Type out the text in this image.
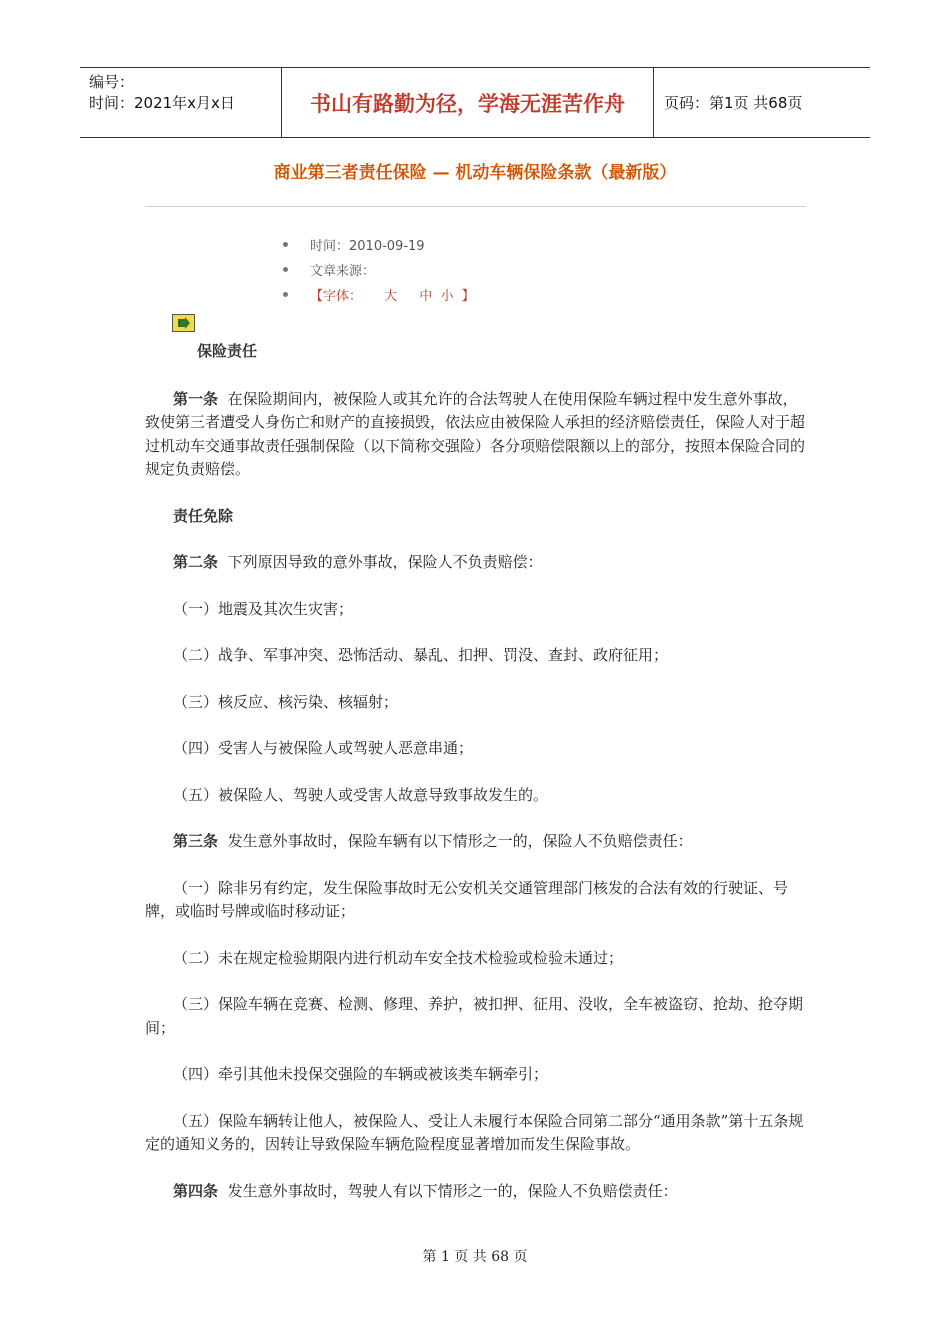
编号：
时间：2021年x月x日	书山有路勤为径，学海无涯苦作舟	页码：第1页 共68页
商业第三者责任保险 — 机动车辆保险条款（最新版）
时间：2010-09-19
文章来源：
【字体： 大 中 小 】
保险责任

第一条 在保险期间内，被保险人或其允许的合法驾驶人在使用保险车辆过程中发生意外事故，致使第三者遭受人身伤亡和财产的直接损毁，依法应由被保险人承担的经济赔偿责任，保险人对于超过机动车交通事故责任强制保险（以下简称交强险）各分项赔偿限额以上的部分，按照本保险合同的规定负责赔偿。

责任免除

第二条 下列原因导致的意外事故，保险人不负责赔偿：

（一）地震及其次生灾害；

（二）战争、军事冲突、恐怖活动、暴乱、扣押、罚没、查封、政府征用；

（三）核反应、核污染、核辐射；

（四）受害人与被保险人或驾驶人恶意串通；

（五）被保险人、驾驶人或受害人故意导致事故发生的。

第三条 发生意外事故时，保险车辆有以下情形之一的，保险人不负赔偿责任：

（一）除非另有约定，发生保险事故时无公安机关交通管理部门核发的合法有效的行驶证、号牌，或临时号牌或临时移动证；

（二）未在规定检验期限内进行机动车安全技术检验或检验未通过；

（三）保险车辆在竞赛、检测、修理、养护，被扣押、征用、没收，全车被盗窃、抢劫、抢夺期间；

（四）牵引其他未投保交强险的车辆或被该类车辆牵引；

（五）保险车辆转让他人，被保险人、受让人未履行本保险合同第二部分“通用条款”第十五条规定的通知义务的，因转让导致保险车辆危险程度显著增加而发生保险事故。

第四条 发生意外事故时，驾驶人有以下情形之一的，保险人不负赔偿责任：

第 1 页 共 68 页
